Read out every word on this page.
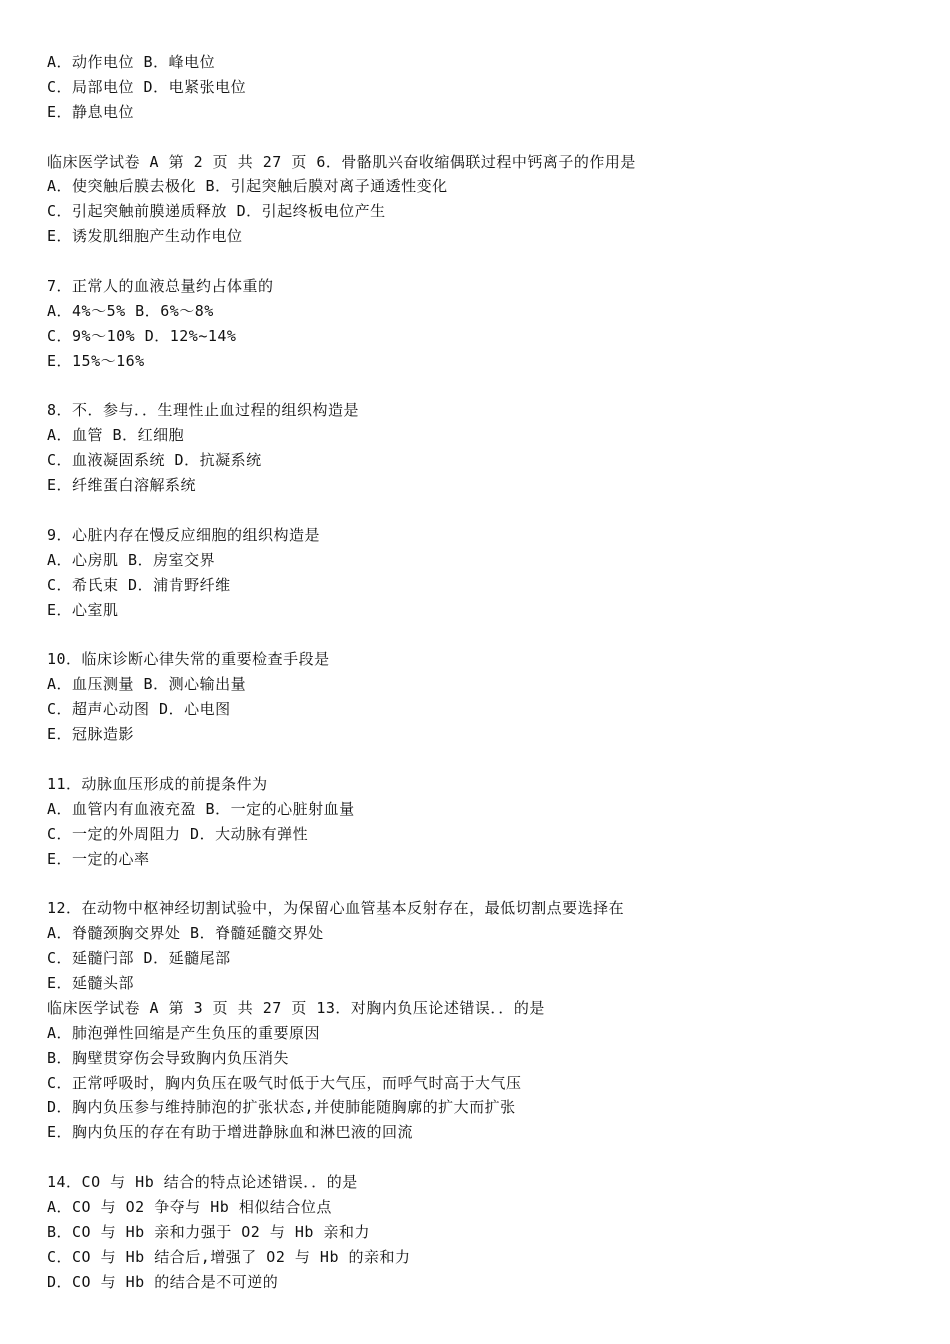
A．动作电位 B．峰电位
C．局部电位 D．电紧张电位
E．静息电位
临床医学试卷 A 第 2 页 共 27 页 6．骨骼肌兴奋收缩偶联过程中钙离子的作用是
A．使突触后膜去极化 B．引起突触后膜对离子通透性变化
C．引起突触前膜递质释放 D．引起终板电位产生
E．诱发肌细胞产生动作电位
7．正常人的血液总量约占体重的
A．4%～5% B．6%～8%
C．9%～10% D．12%~14%
E．15%～16%
8．不．参与．．生理性止血过程的组织构造是
A．血管 B．红细胞
C．血液凝固系统 D．抗凝系统
E．纤维蛋白溶解系统
9．心脏内存在慢反应细胞的组织构造是
A．心房肌 B．房室交界
C．希氏束 D．浦肯野纤维
E．心室肌
10．临床诊断心律失常的重要检查手段是
A．血压测量 B．测心输出量
C．超声心动图 D．心电图
E．冠脉造影
11．动脉血压形成的前提条件为
A．血管内有血液充盈 B．一定的心脏射血量
C．一定的外周阻力 D．大动脉有弹性
E．一定的心率
12．在动物中枢神经切割试验中，为保留心血管基本反射存在，最低切割点要选择在
A．脊髓颈胸交界处 B．脊髓延髓交界处
C．延髓闩部 D．延髓尾部
E．延髓头部
临床医学试卷 A 第 3 页 共 27 页 13．对胸内负压论述错误．．的是
A．肺泡弹性回缩是产生负压的重要原因
B．胸壁贯穿伤会导致胸内负压消失
C．正常呼吸时，胸内负压在吸气时低于大气压，而呼气时高于大气压
D．胸内负压参与维持肺泡的扩张状态,并使肺能随胸廓的扩大而扩张
E．胸内负压的存在有助于增进静脉血和淋巴液的回流
14．CO 与 Hb 结合的特点论述错误．．的是
A．CO 与 O2 争夺与 Hb 相似结合位点
B．CO 与 Hb 亲和力强于 O2 与 Hb 亲和力
C．CO 与 Hb 结合后,增强了 O2 与 Hb 的亲和力
D．CO 与 Hb 的结合是不可逆的
